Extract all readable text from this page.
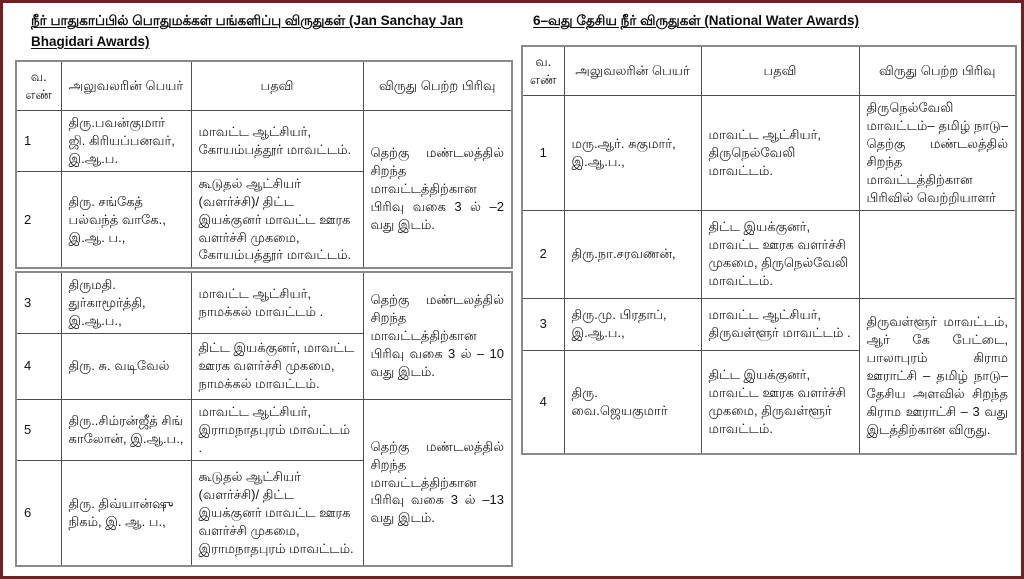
நீர் பாதுகாப்பில் பொதுமக்கள் பங்களிப்பு விருதுகள் (Jan Sanchay Jan Bhagidari Awards)
6–வது தேசிய நீர் விருதுகள் (National Water Awards)
வ. எண்	அலுவலரின் பெயர்	பதவி	விருது பெற்ற பிரிவு
1	திரு.பவன்குமார் ஜி. கிரியப்பனவர், இ.ஆ.ப.	மாவட்ட ஆட்சியர், கோயம்பத்தூர் மாவட்டம்.	தெற்கு மண்டலத்தில் சிறந்த மாவட்டத்திற்கான பிரிவு வகை 3 ல் –2 வது இடம்.
2	திரு. சங்கேத் பல்வந்த் வாகே., இ.ஆ. ப.,	கூடுதல் ஆட்சியர் (வளர்ச்சி)/ திட்ட இயக்குனர் மாவட்ட ஊரக வளர்ச்சி முகமை, கோயம்பத்தூர் மாவட்டம்.	
3	திருமதி. துர்காமூர்த்தி, இ.ஆ.ப.,	மாவட்ட ஆட்சியர், நாமக்கல் மாவட்டம் .	தெற்கு மண்டலத்தில் சிறந்த மாவட்டத்திற்கான பிரிவு வகை 3 ல் – 10 வது இடம்.
4	திரு. சு. வடிவேல்	திட்ட இயக்குனர், மாவட்ட ஊரக வளர்ச்சி முகமை, நாமக்கல் மாவட்டம்.	
5	திரு..சிம்ரன்ஜீத் சிங் காலோன், இ.ஆ.ப.,	மாவட்ட ஆட்சியர், இராமநாதபுரம் மாவட்டம் .	தெற்கு மண்டலத்தில் சிறந்த மாவட்டத்திற்கான பிரிவு வகை 3 ல் –13 வது இடம்.
6	திரு. திவ்யான்ஷு நிகம், இ. ஆ. ப.,	கூடுதல் ஆட்சியர் (வளர்ச்சி)/ திட்ட இயக்குனர் மாவட்ட ஊரக வளர்ச்சி முகமை, இராமநாதபுரம் மாவட்டம்.	
வ. எண்	அலுவலரின் பெயர்	பதவி	விருது பெற்ற பிரிவு
1	மரு.ஆர். சுகுமார், இ.ஆ.ப.,	மாவட்ட ஆட்சியர், திருநெல்வேலி மாவட்டம்.	திருநெல்வேலி மாவட்டம்– தமிழ் நாடு– தெற்கு மண்டலத்தில் சிறந்த மாவட்டத்திற்கான பிரிவில் வெற்றியாளர்
2	திரு.நா.சரவணன்,	திட்ட இயக்குனர், மாவட்ட ஊரக வளர்ச்சி முகமை, திருநெல்வேலி மாவட்டம்.	
3	திரு.மு. பிரதாப், இ.ஆ.ப.,	மாவட்ட ஆட்சியர், திருவள்ளூர் மாவட்டம் .	திருவள்ளூர் மாவட்டம், ஆர் கே பேட்டை, பாலாபுரம் கிராம ஊராட்சி – தமிழ் நாடு– தேசிய அளவில் சிறந்த கிராம ஊராட்சி – 3 வது இடத்திற்கான விருது.
4	திரு. வை.ஜெயகுமார்	திட்ட இயக்குனர், மாவட்ட ஊரக வளர்ச்சி முகமை, திருவள்ளூர் மாவட்டம்.	
